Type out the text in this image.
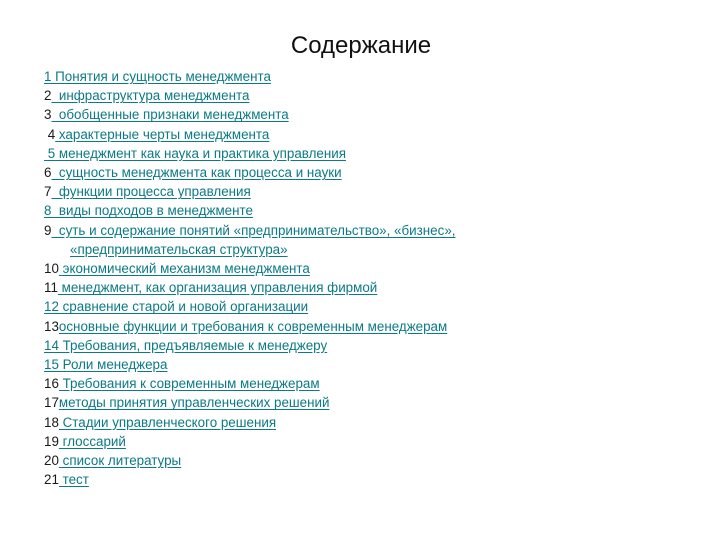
Содержание
1 Понятия и сущность менеджмента
2  инфраструктура менеджмента
3  обобщенные признаки менеджмента
4 характерные черты менеджмента
5 менеджмент как наука и практика управления
6  сущность менеджмента как процесса и науки
7  функции процесса управления
8  виды подходов в менеджменте
9  суть и содержание понятий «предпринимательство», «бизнес»,
«предпринимательская структура»
10 экономический механизм менеджмента
11 менеджмент, как организация управления фирмой
12 сравнение старой и новой организации
13основные функции и требования к современным менеджерам
14 Требования, предъявляемые к менеджеру
15 Роли менеджера
16 Требования к современным менеджерам
17методы принятия управленческих решений
18 Стадии управленческого решения
19 глоссарий
20 список литературы
21 тест
